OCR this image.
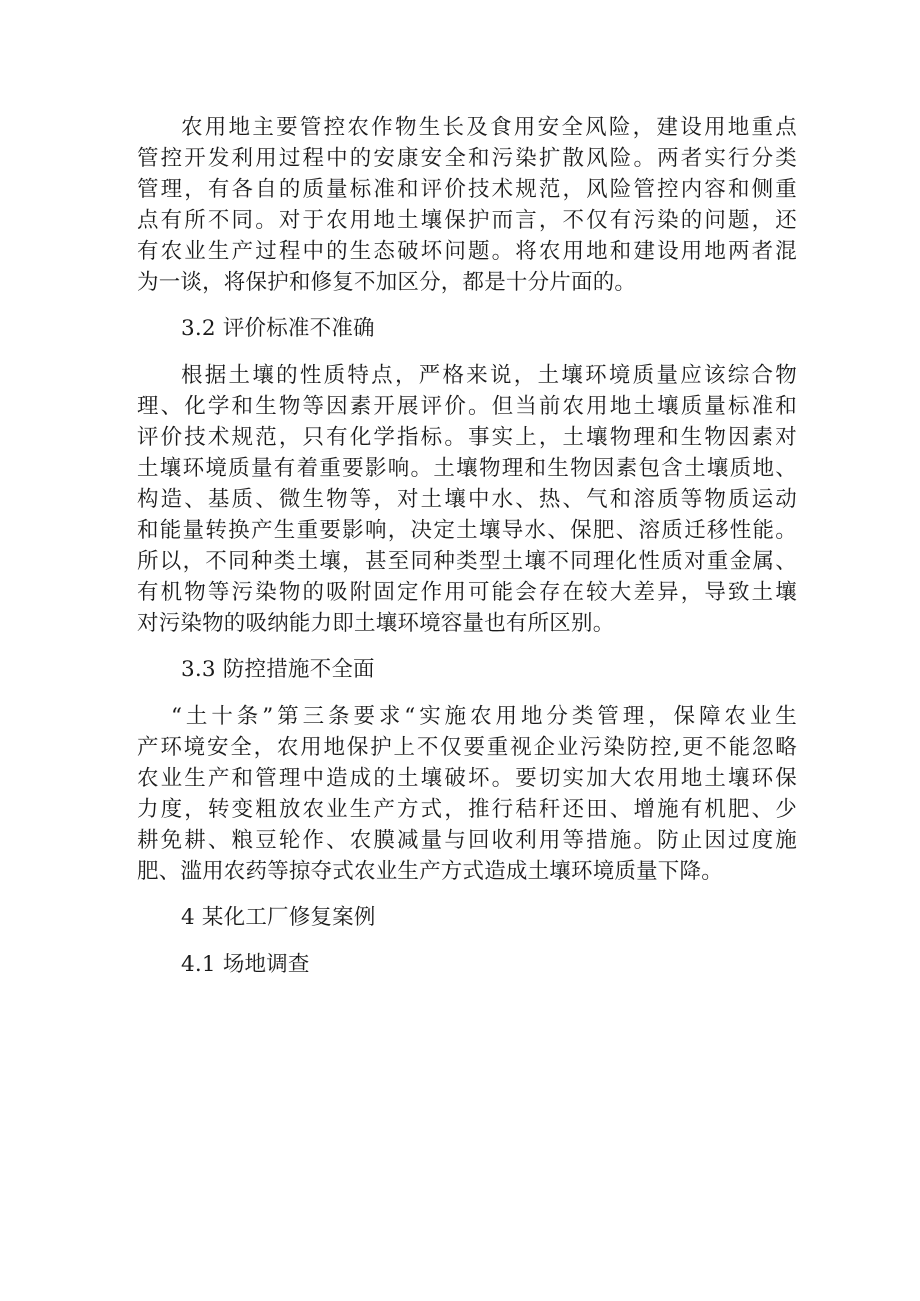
农用地主要管控农作物生长及食用安全风险，建设用地重点
管控开发利用过程中的安康安全和污染扩散风险。两者实行分类
管理，有各自的质量标准和评价技术规范，风险管控内容和侧重
点有所不同。对于农用地土壤保护而言，不仅有污染的问题，还
有农业生产过程中的生态破坏问题。将农用地和建设用地两者混
为一谈，将保护和修复不加区分，都是十分片面的。
3.2 评价标准不准确
根据土壤的性质特点，严格来说，土壤环境质量应该综合物
理、化学和生物等因素开展评价。但当前农用地土壤质量标准和
评价技术规范，只有化学指标。事实上，土壤物理和生物因素对
土壤环境质量有着重要影响。土壤物理和生物因素包含土壤质地、
构造、基质、微生物等，对土壤中水、热、气和溶质等物质运动
和能量转换产生重要影响，决定土壤导水、保肥、溶质迁移性能。
所以，不同种类土壤，甚至同种类型土壤不同理化性质对重金属、
有机物等污染物的吸附固定作用可能会存在较大差异，导致土壤
对污染物的吸纳能力即土壤环境容量也有所区别。
3.3 防控措施不全面
“土十条”第三条要求“实施农用地分类管理，保障农业生
产环境安全，农用地保护上不仅要重视企业污染防控,更不能忽略
农业生产和管理中造成的土壤破坏。要切实加大农用地土壤环保
力度，转变粗放农业生产方式，推行秸秆还田、增施有机肥、少
耕免耕、粮豆轮作、农膜减量与回收利用等措施。防止因过度施
肥、滥用农药等掠夺式农业生产方式造成土壤环境质量下降。
4 某化工厂修复案例
4.1 场地调查
